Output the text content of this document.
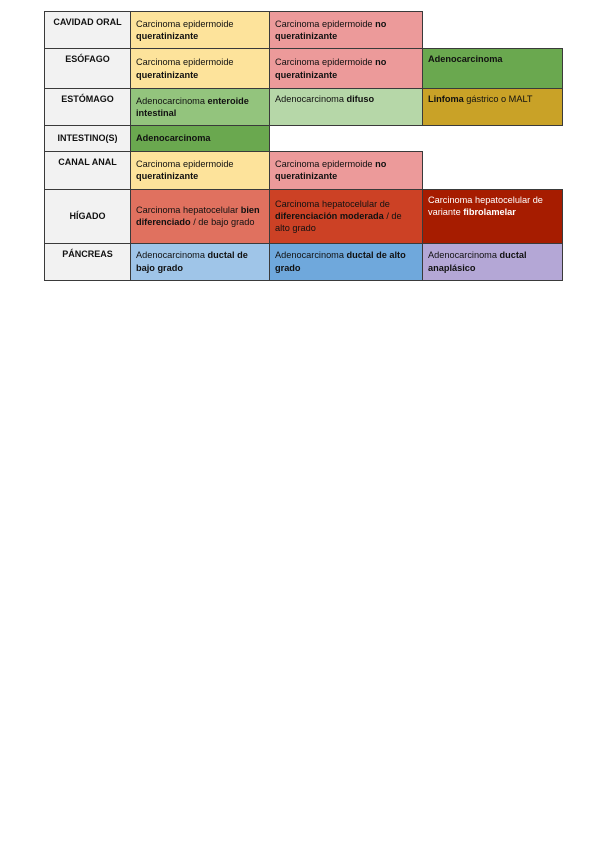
CAVIDAD ORAL	Carcinoma epidermoide queratinizante	Carcinoma epidermoide no queratinizante	
ESÓFAGO	Carcinoma epidermoide queratinizante	Carcinoma epidermoide no queratinizante	Adenocarcinoma
ESTÓMAGO	Adenocarcinoma enteroide intestinal	Adenocarcinoma difuso	Linfoma gástrico o MALT
INTESTINO(S)	Adenocarcinoma		
CANAL ANAL	Carcinoma epidermoide queratinizante	Carcinoma epidermoide no queratinizante	
HÍGADO	Carcinoma hepatocelular bien diferenciado / de bajo grado	Carcinoma hepatocelular de diferenciación moderada / de alto grado	Carcinoma hepatocelular de variante fibrolamelar
PÁNCREAS	Adenocarcinoma ductal de bajo grado	Adenocarcinoma ductal de alto grado	Adenocarcinoma ductal anaplásico
